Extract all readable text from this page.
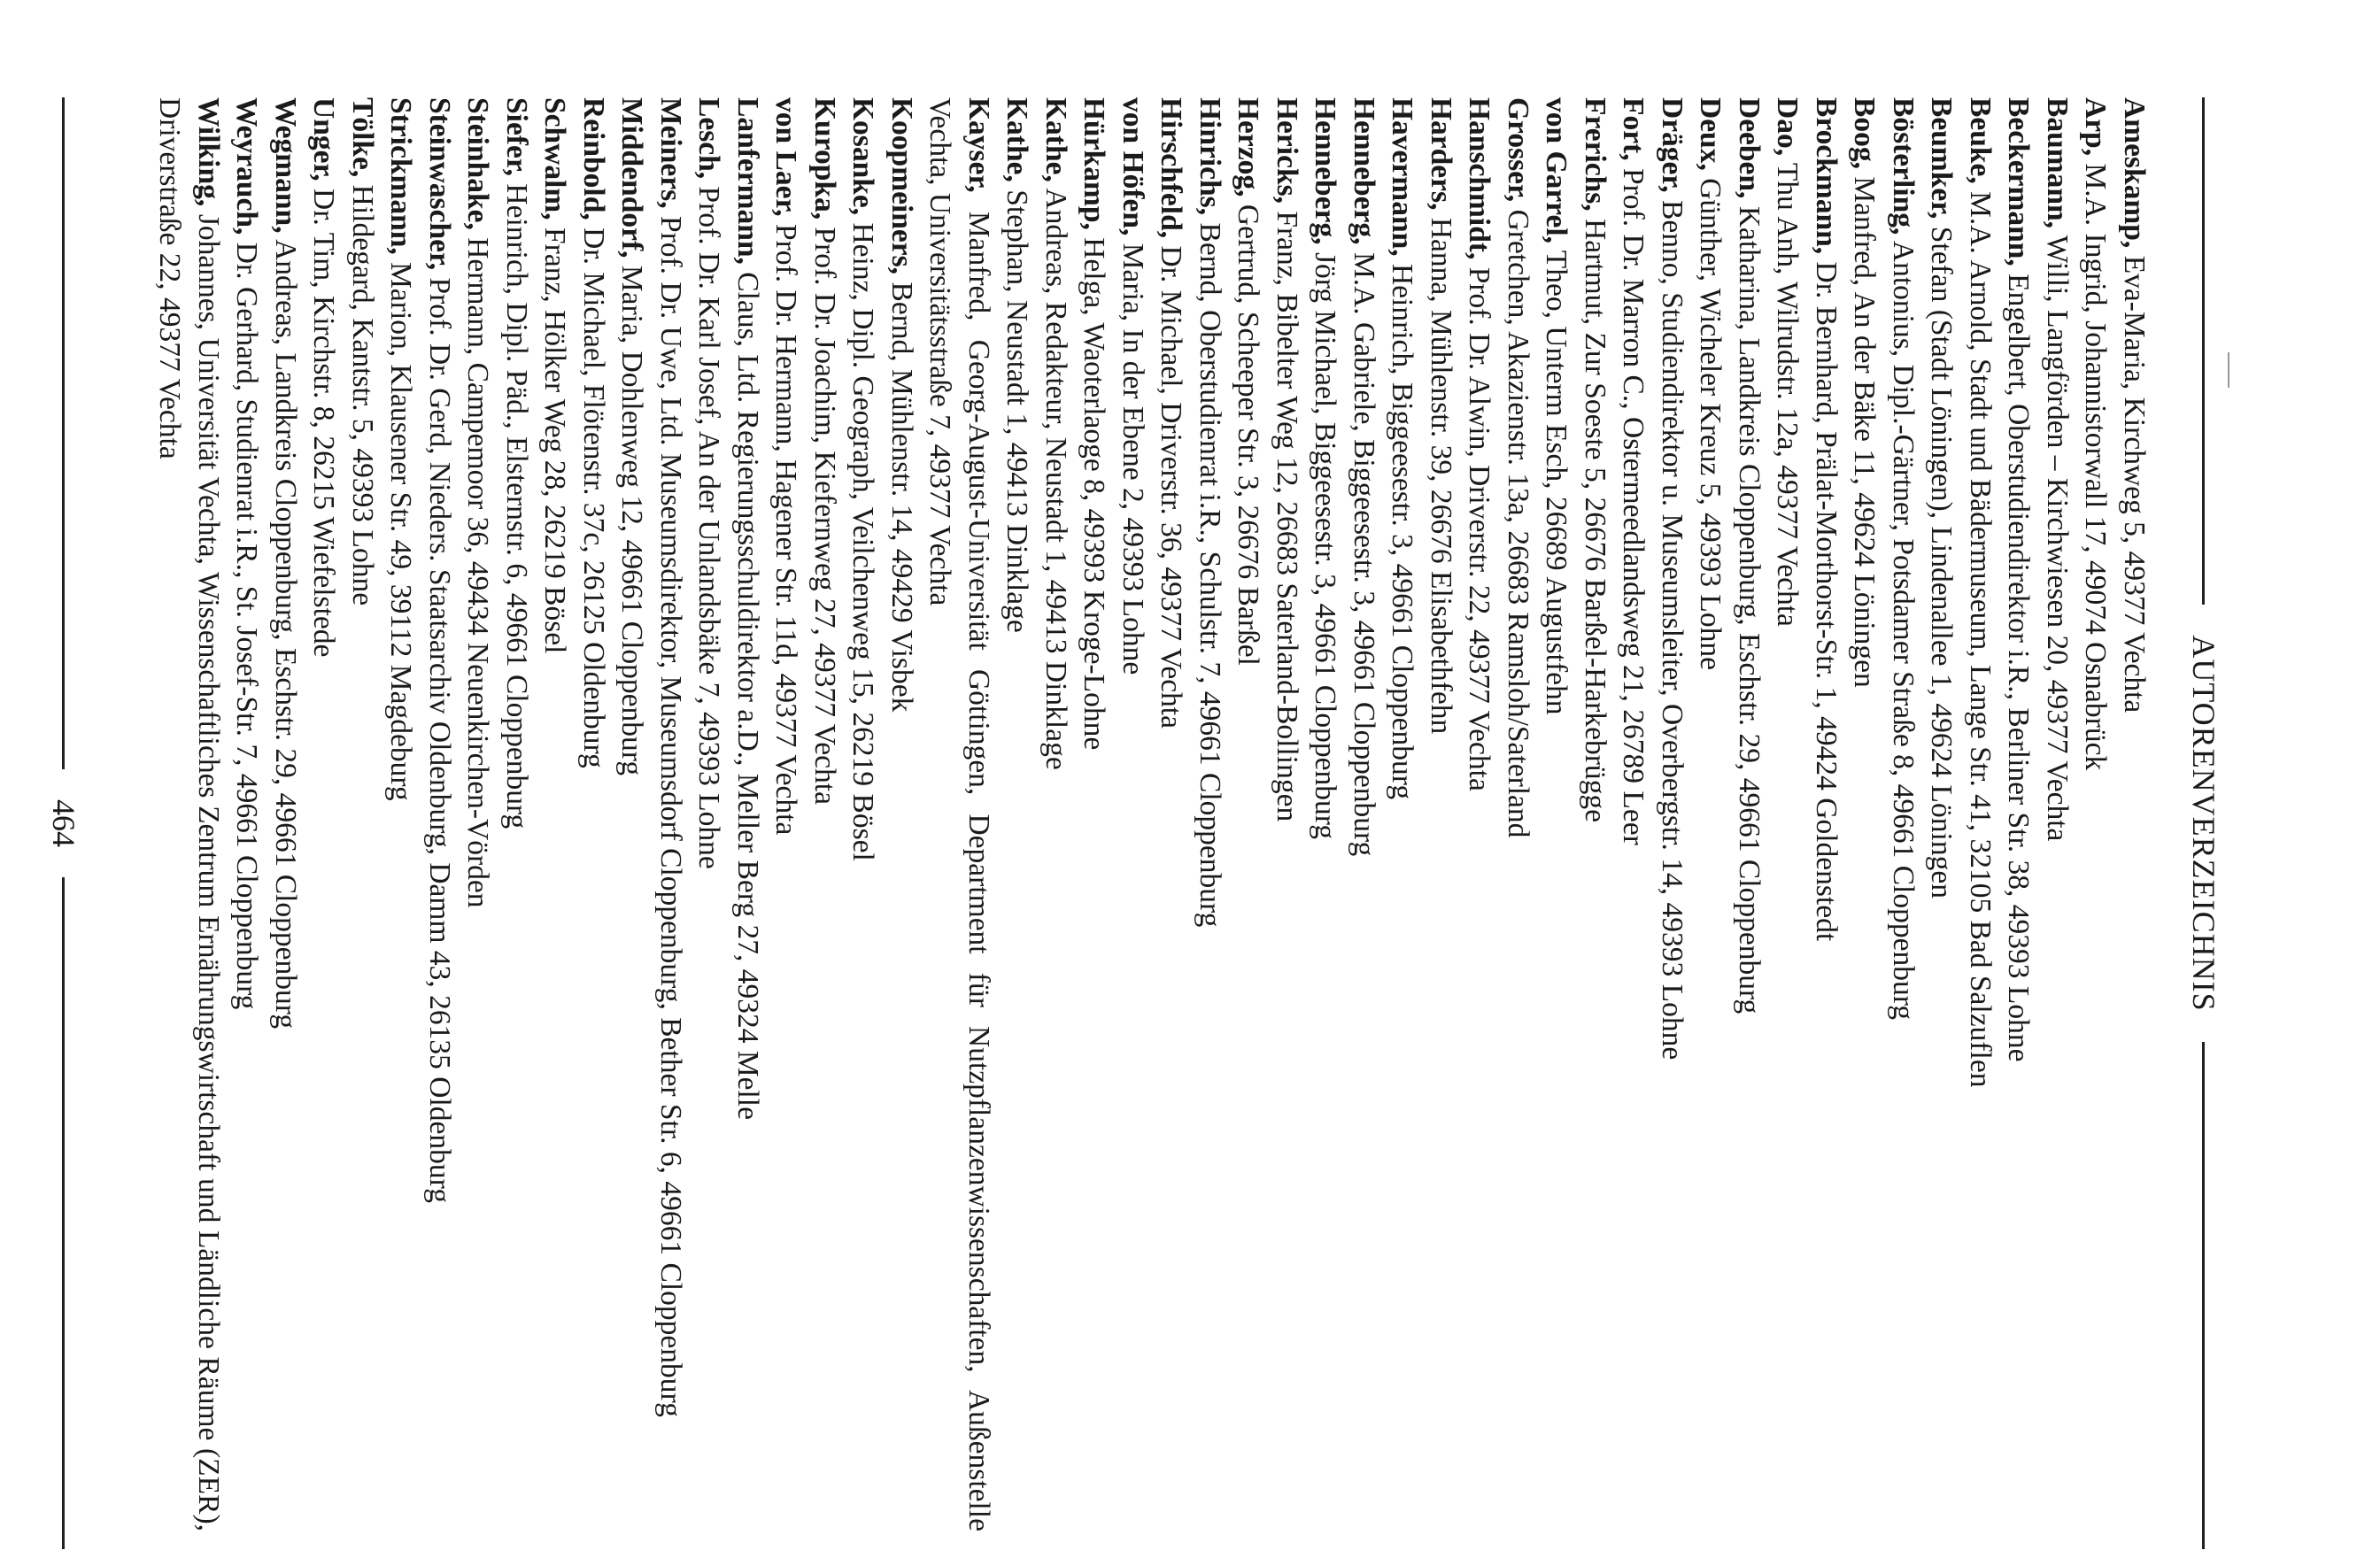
AUTORENVERZEICHNIS
Ameskamp, Eva-Maria, Kirchweg 5, 49377 Vechta
Arp, M.A. Ingrid, Johannistorwall 17, 49074 Osnabrück
Baumann, Willi, Langförden – Kirchwiesen 20, 49377 Vechta
Beckermann, Engelbert, Oberstudiendirektor i.R., Berliner Str. 38, 49393 Lohne
Beuke, M.A. Arnold, Stadt und Bädermuseum, Lange Str. 41, 32105 Bad Salzuflen
Beumker, Stefan (Stadt Löningen), Lindenallee 1, 49624 Löningen
Bösterling, Antonius, Dipl.-Gärtner, Potsdamer Straße 8, 49661 Cloppenburg
Boog, Manfred, An der Bäke 11, 49624 Löningen
Brockmann, Dr. Bernhard, Prälat-Morthorst-Str. 1, 49424 Goldenstedt
Dao, Thu Anh, Wilrudstr. 12a, 49377 Vechta
Deeben, Katharina, Landkreis Cloppenburg, Eschstr. 29, 49661 Cloppenburg
Deux, Günther, Wicheler Kreuz 5, 49393 Lohne
Dräger, Benno, Studiendirektor u. Museumsleiter, Overbergstr. 14, 49393 Lohne
Fort, Prof. Dr. Marron C., Ostermeedlandsweg 21, 26789 Leer
Frerichs, Hartmut, Zur Soeste 5, 26676 Barßel-Harkebrügge
von Garrel, Theo, Unterm Esch, 26689 Augustfehn
Grosser, Gretchen, Akazienstr. 13a, 26683 Ramsloh/Saterland
Hanschmidt, Prof. Dr. Alwin, Driverstr. 22, 49377 Vechta
Harders, Hanna, Mühlenstr. 39, 26676 Elisabethfehn
Havermann, Heinrich, Biggeesestr. 3, 49661 Cloppenburg
Henneberg, M.A. Gabriele, Biggeesestr. 3, 49661 Cloppenburg
Henneberg, Jörg Michael, Biggeesestr. 3, 49661 Cloppenburg
Hericks, Franz, Bibelter Weg 12, 26683 Saterland-Bollingen
Herzog, Gertrud, Scheeper Str. 3, 26676 Barßel
Hinrichs, Bernd, Oberstudienrat i.R., Schulstr. 7, 49661 Cloppenburg
Hirschfeld, Dr. Michael, Driverstr. 36, 49377 Vechta
von Höfen, Maria, In der Ebene 2, 49393 Lohne
Hürkamp, Helga, Waoterlaoge 8, 49393 Kroge-Lohne
Kathe, Andreas, Redakteur, Neustadt 1, 49413 Dinklage
Kathe, Stephan, Neustadt 1, 49413 Dinklage
Kayser, Manfred, Georg-August-Universität Göttingen, Department für Nutzpflanzenwissenschaften, Außenstelle Vechta, Universitätsstraße 7, 49377 Vechta
Koopmeiners, Bernd, Mühlenstr. 14, 49429 Visbek
Kosanke, Heinz, Dipl. Geograph, Veilchenweg 15, 26219 Bösel
Kuropka, Prof. Dr. Joachim, Kiefernweg 27, 49377 Vechta
von Laer, Prof. Dr. Hermann, Hagener Str. 11d, 49377 Vechta
Lanfermann, Claus, Ltd. Regierungsschuldirektor a.D., Meller Berg 27, 49324 Melle
Lesch, Prof. Dr. Karl Josef, An der Unlandsbäke 7, 49393 Lohne
Meiners, Prof. Dr. Uwe, Ltd. Museumsdirektor, Museumsdorf Cloppenburg, Bether Str. 6, 49661 Cloppenburg
Middendorf, Maria, Dohlenweg 12, 49661 Cloppenburg
Reinbold, Dr. Michael, Flötenstr. 37c, 26125 Oldenburg
Schwalm, Franz, Hölker Weg 28, 26219 Bösel
Siefer, Heinrich, Dipl. Päd., Elsternstr. 6, 49661 Cloppenburg
Steinhake, Hermann, Campemoor 36, 49434 Neuenkirchen-Vörden
Steinwascher, Prof. Dr. Gerd, Nieders. Staatsarchiv Oldenburg, Damm 43, 26135 Oldenburg
Strickmann, Marion, Klausener Str. 49, 39112 Magdeburg
Tölke, Hildegard, Kantstr. 5, 49393 Lohne
Unger, Dr. Tim, Kirchstr. 8, 26215 Wiefelstede
Wegmann, Andreas, Landkreis Cloppenburg, Eschstr. 29, 49661 Cloppenburg
Weyrauch, Dr. Gerhard, Studienrat i.R., St. Josef-Str. 7, 49661 Cloppenburg
Wilking, Johannes, Universität Vechta, Wissenschaftliches Zentrum Ernährungswirtschaft und Ländliche Räume (ZER), Driverstraße 22, 49377 Vechta
464
